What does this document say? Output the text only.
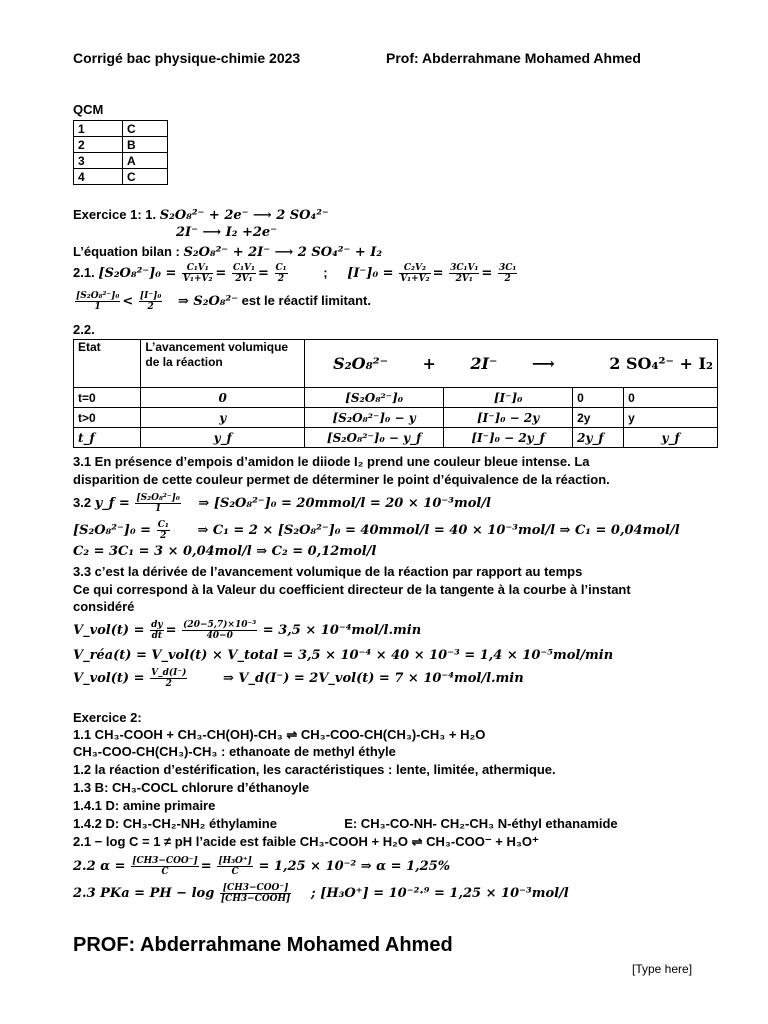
Corrigé bac physique-chimie 2023	Prof: Abderrahmane Mohamed Ahmed
QCM
1	C
2	B
3	A
4	C
Exercice 1: 1. S₂O₈²⁻ + 2e⁻ ⟶ 2 SO₄²⁻
2I⁻ ⟶ I₂ +2e⁻
L’équation bilan : S₂O₈²⁻ + 2I⁻ ⟶ 2 SO₄²⁻ + I₂
2.1. $[S_2O_8^{2-}]_0 = \frac{\text{C₁V₁}}{\text{V₁+V₂}} = \frac{\text{C₁V₁}}{\text{2V₁}} = \frac{\text{C₁}}{2}$	; $[I^-]_0 = \frac{\text{C₂V₂}}{\text{V₁+V₂}} = \frac{\text{3C₁V₁}}{\text{2V₁}} = \frac{\text{3C₁}}{2}$
$\frac{\text{[S₂O₈²⁻]₀}}{1} < \frac{\text{[I⁻]₀}}{2}$ ⇒ S₂O₈²⁻ est le réactif limitant.
2.2.
Etat	L’avancement volumique de la réaction	S₂O₈²⁻ + 2I⁻ ⟶ 2 SO₄²⁻ + I₂			
t=0	0	[S₂O₈²⁻]₀	[I⁻]₀	0	0
t>0	y	[S₂O₈²⁻]₀ − y	[I⁻]₀ − 2y	2y	y
t_f	y_f	[S₂O₈²⁻]₀ − y_f	[I⁻]₀ − 2y_f	2y_f	y_f
3.1 En présence d’empois d’amidon le diiode I₂ prend une couleur bleue intense. La
disparition de cette couleur permet de déterminer le point d’équivalence de la réaction.
3.2 y_f = $\frac{\text{[S₂O₈²⁻]₀}}{1}$ ⇒ [S₂O₈²⁻]₀ = 20mmol/l = 20 × 10⁻³mol/l
$[S_2O_8^{2-}]_0 = \frac{\text{C₁}}{2}$ ⇒ C₁ = 2 × [S₂O₈²⁻]₀ = 40mmol/l = 40 × 10⁻³mol/l ⇒ C₁ = 0,04mol/l
C₂ = 3C₁ = 3 × 0,04mol/l ⇒ C₂ = 0,12mol/l
3.3 c’est la dérivée de l’avancement volumique de la réaction par rapport au temps
Ce qui correspond à la Valeur du coefficient directeur de la tangente à la courbe à l’instant
considéré
V_vol(t) = $\frac{dy}{dt} = \frac{\text{(20−5,7)×10⁻³}}{40-0} = 3,5 \times 10^{-4}mol/l.\min$
V_réa(t) = V_vol(t) × V_total = 3,5 × 10⁻⁴ × 40 × 10⁻³ = 1,4 × 10⁻⁵mol/min
V_vol(t) = $\frac{V\_d(I^-)}{2}$	⇒ V_d(I⁻) = 2V_vol(t) = 7 × 10⁻⁴mol/l.min
Exercice 2:
1.1 CH₃-COOH + CH₃-CH(OH)-CH₃ ⇌ CH₃-COO-CH(CH₃)-CH₃ + H₂O
CH₃-COO-CH(CH₃)-CH₃ : ethanoate de methyl éthyle
1.2 la réaction d’estérification, les caractéristiques : lente, limitée, athermique.
1.3 B: CH₃-COCL chlorure d’éthanoyle
1.4.1 D: amine primaire
1.4.2 D: CH₃-CH₂-NH₂ éthylamine	E: CH₃-CO-NH- CH₂-CH₃ N-éthyl ethanamide
2.1 − log C = 1 ≠ pH l’acide est faible CH₃-COOH + H₂O ⇌ CH₃-COO⁻ + H₃O⁺
2.2 $\alpha = \frac{\text{[CH3−COO⁻]}}{C} = \frac{\text{[H₃O⁺]}}{C} = 1,25 \times 10^{-2}$ ⇒ α = 1,25%
2.3 PKa = PH − $\log \frac{\text{[CH3−COO⁻]}}{\text{[CH3−COOH]}}$ ; [H₃O⁺] = 10⁻²·⁹ = 1,25 × 10⁻³mol/l
PROF: Abderrahmane Mohamed Ahmed
[Type here]
